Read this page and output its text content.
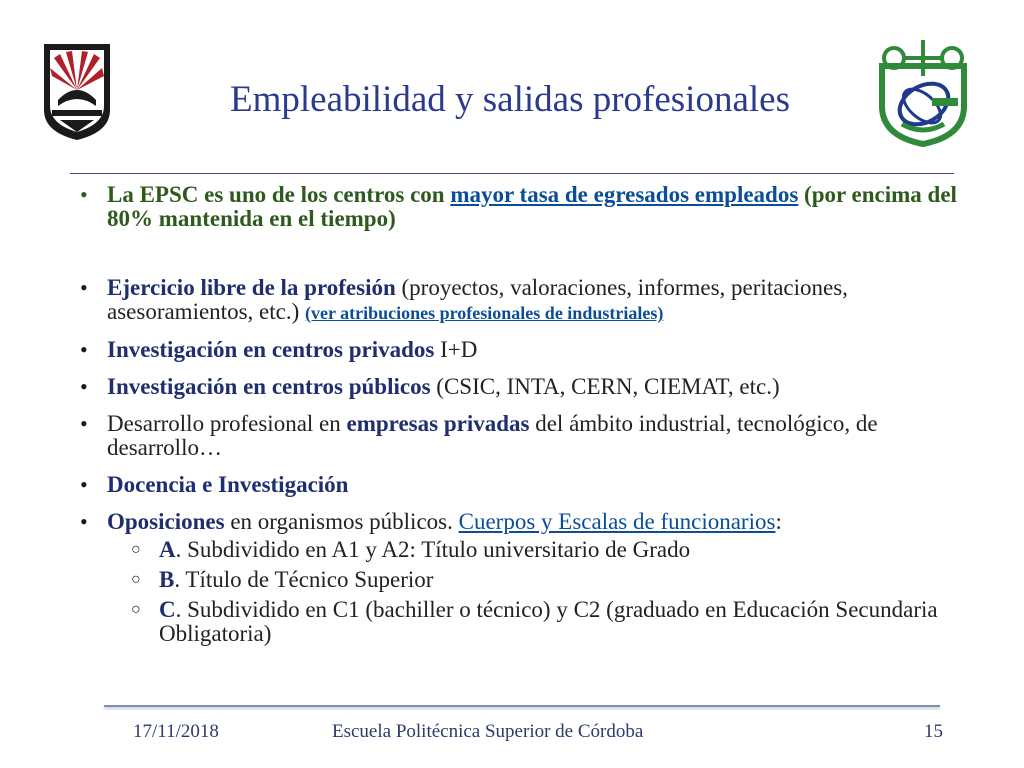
Empleabilidad y salidas profesionales
• La EPSC es uno de los centros con mayor tasa de egresados empleados (por encima del 80% mantenida en el tiempo)
• Ejercicio libre de la profesión (proyectos, valoraciones, informes, peritaciones, asesoramientos, etc.) (ver atribuciones profesionales de industriales)
• Investigación en centros privados I+D
• Investigación en centros públicos (CSIC, INTA, CERN, CIEMAT, etc.)
• Desarrollo profesional en empresas privadas del ámbito industrial, tecnológico, de desarrollo…
• Docencia e Investigación
• Oposiciones en organismos públicos. Cuerpos y Escalas de funcionarios:
○ A. Subdividido en A1 y A2: Título universitario de Grado
○ B. Título de Técnico Superior
○ C. Subdividido en C1 (bachiller o técnico) y C2 (graduado en Educación Secundaria Obligatoria)
17/11/2018	Escuela Politécnica Superior de Córdoba	15
